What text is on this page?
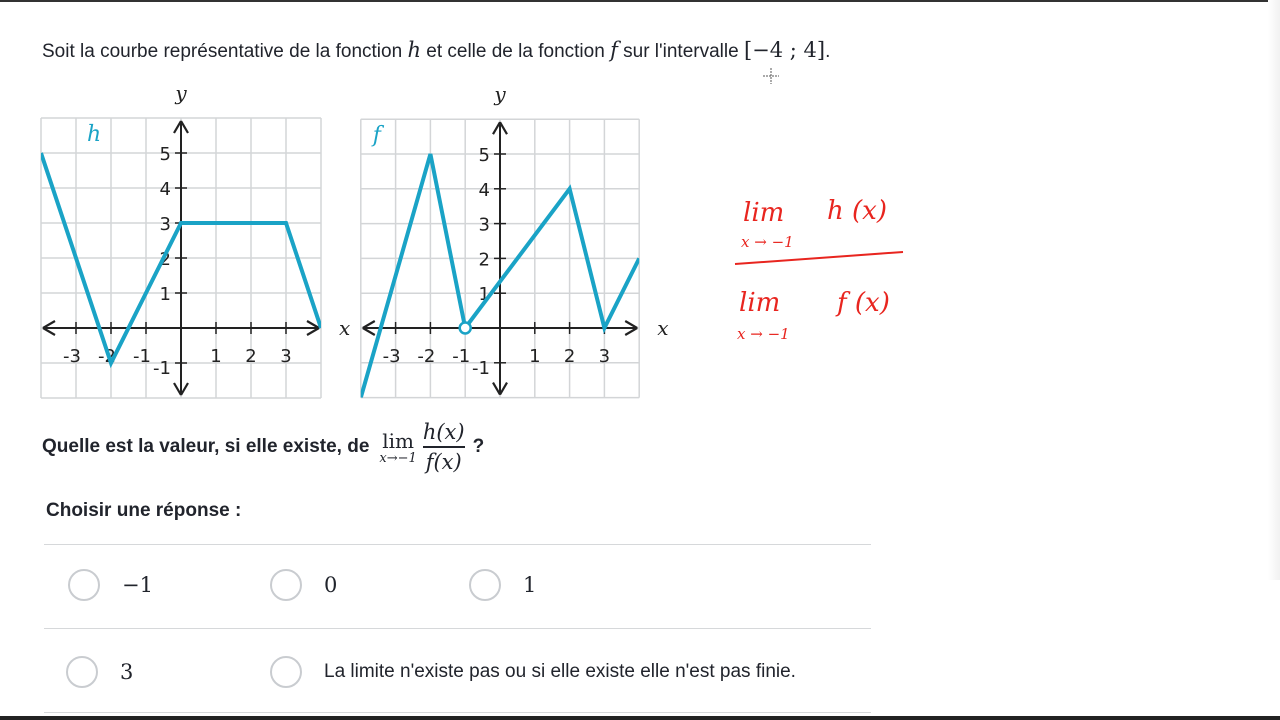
Soit la courbe représentative de la fonction h et celle de la fonction f sur l'intervalle [−4 ; 4].
-3 -2 -1	1 2 3
-1
1
2
3
4
5
x
y
h
-3 -2 -1	1 2 3
-1
1
2
3
4
5
x
y
f
Quelle est la valeur, si elle existe, de lim
$x\to-1 \frac{h(x)}{f(x)}$ ?
Choisir une réponse :
−1	0	1
3	La limite n'existe pas ou si elle existe elle n'est pas finie.
lim h (x)
x → −1
lim f (x)
x → −1
